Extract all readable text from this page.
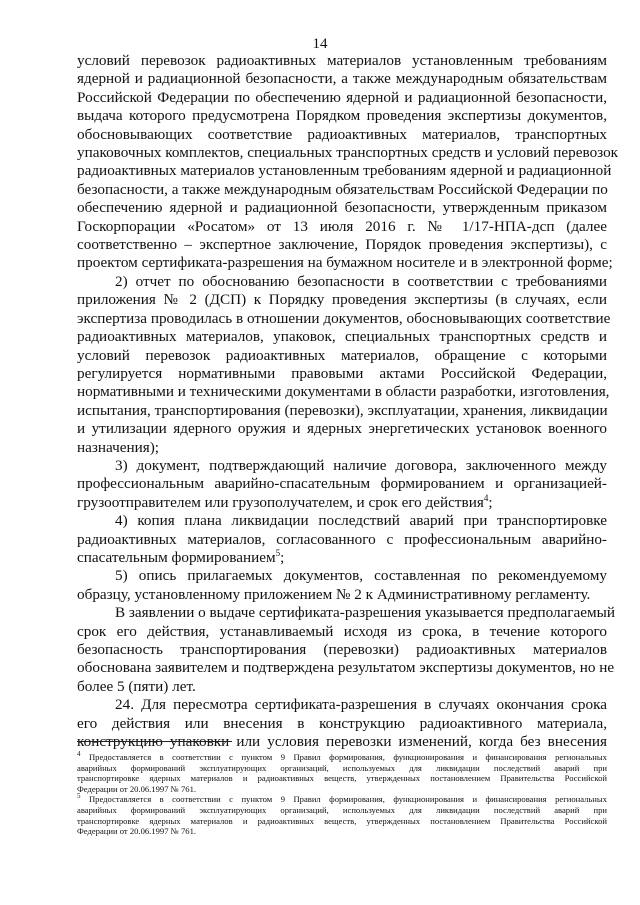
14
условий перевозок радиоактивных материалов установленным требованиям
ядерной и радиационной безопасности, а также международным обязательствам
Российской Федерации по обеспечению ядерной и радиационной безопасности,
выдача которого предусмотрена Порядком проведения экспертизы документов,
обосновывающих соответствие радиоактивных материалов, транспортных
упаковочных комплектов, специальных транспортных средств и условий перевозок
радиоактивных материалов установленным требованиям ядерной и радиационной
безопасности, а также международным обязательствам Российской Федерации по
обеспечению ядерной и радиационной безопасности, утвержденным приказом
Госкорпорации «Росатом» от 13 июля 2016 г. № 1/17-НПА-дсп (далее
соответственно – экспертное заключение, Порядок проведения экспертизы), с
проектом сертификата-разрешения на бумажном носителе и в электронной форме;
2) отчет по обоснованию безопасности в соответствии с требованиями
приложения № 2 (ДСП) к Порядку проведения экспертизы (в случаях, если
экспертиза проводилась в отношении документов, обосновывающих соответствие
радиоактивных материалов, упаковок, специальных транспортных средств и
условий перевозок радиоактивных материалов, обращение с которыми
регулируется нормативными правовыми актами Российской Федерации,
нормативными и техническими документами в области разработки, изготовления,
испытания, транспортирования (перевозки), эксплуатации, хранения, ликвидации
и утилизации ядерного оружия и ядерных энергетических установок военного
назначения);
3) документ, подтверждающий наличие договора, заключенного между
профессиональным аварийно-спасательным формированием и организацией-
грузоотправителем или грузополучателем, и срок его действия$^4$;
4) копия плана ликвидации последствий аварий при транспортировке
радиоактивных материалов, согласованного с профессиональным аварийно-
спасательным формированием$^5$;
5) опись прилагаемых документов, составленная по рекомендуемому
образцу, установленному приложением № 2 к Административному регламенту.
В заявлении о выдаче сертификата-разрешения указывается предполагаемый
срок его действия, устанавливаемый исходя из срока, в течение которого
безопасность транспортирования (перевозки) радиоактивных материалов
обоснована заявителем и подтверждена результатом экспертизы документов, но не
более 5 (пяти) лет.
24. Для пересмотра сертификата-разрешения в случаях окончания срока
его действия или внесения в конструкцию радиоактивного материала,
конструкцию упаковки или условия перевозки изменений, когда без внесения
$^4$ Предоставляется в соответствии с пунктом 9 Правил формирования, функционирования и финансирования региональных
аварийных формирований эксплуатирующих организаций, используемых для ликвидации последствий аварий при
транспортировке ядерных материалов и радиоактивных веществ, утвержденных постановлением Правительства Российской
Федерации от 20.06.1997 № 761.
$^5$ Предоставляется в соответствии с пунктом 9 Правил формирования, функционирования и финансирования региональных
аварийных формирований эксплуатирующих организаций, используемых для ликвидации последствий аварий при
транспортировке ядерных материалов и радиоактивных веществ, утвержденных постановлением Правительства Российской
Федерации от 20.06.1997 № 761.
